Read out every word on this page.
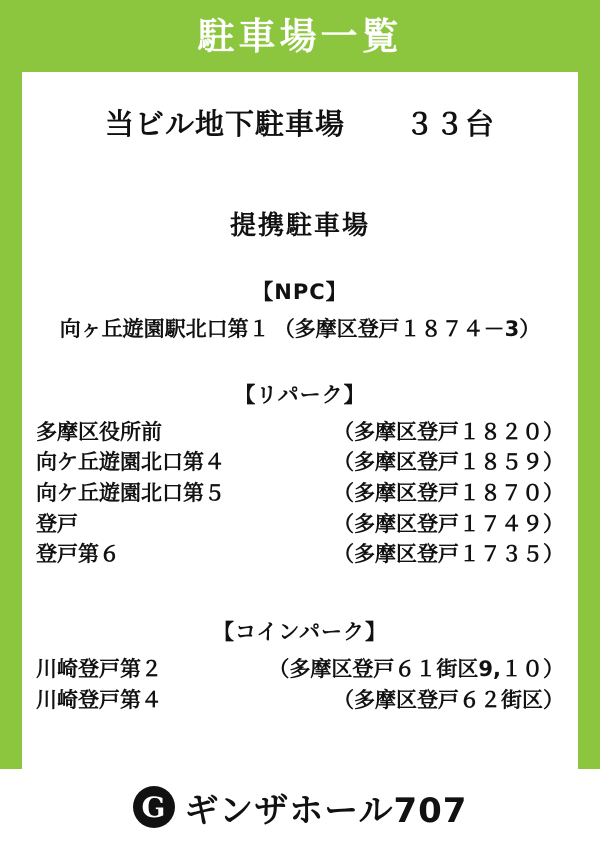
駐車場一覧
当ビル地下駐車場 ３３台
提携駐車場
【NPC】
向ヶ丘遊園駅北口第１ （多摩区登戸１８７４－3）
【リパーク】
多摩区役所前	（多摩区登戸１８２０）
向ケ丘遊園北口第４	（多摩区登戸１８５９）
向ケ丘遊園北口第５	（多摩区登戸１８７０）
登戸	（多摩区登戸１７４９）
登戸第６	（多摩区登戸１７３５）
【コインパーク】
川崎登戸第２	（多摩区登戸６１街区9,１０）
川崎登戸第４	（多摩区登戸６２街区）
G ギンザホール707
